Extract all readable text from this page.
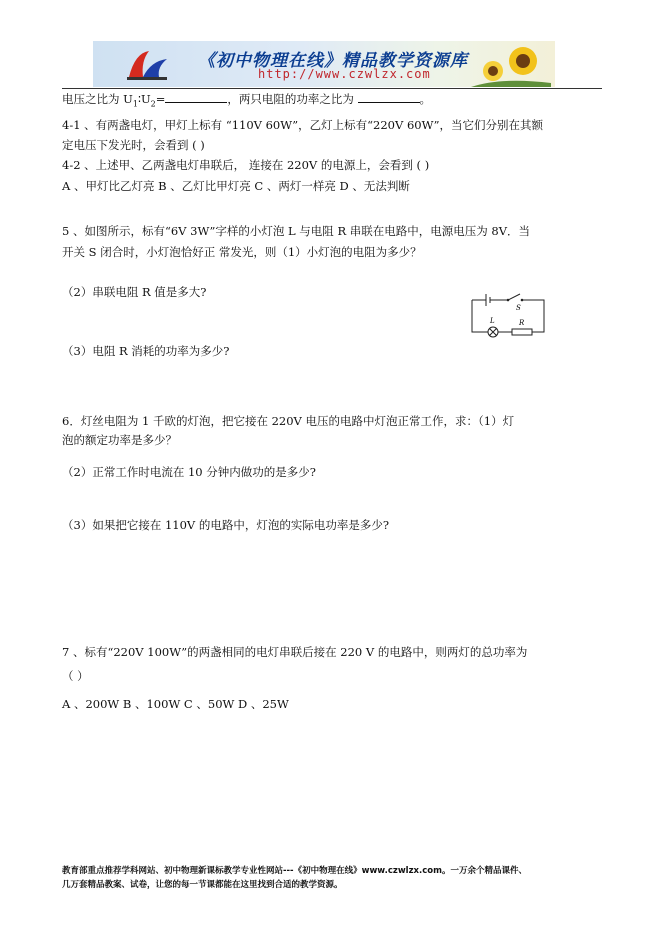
《初中物理在线》精品教学资源库
http://www.czwlzx.com
电压之比为 $U_1∶U_2=$	，两只电阻的功率之比为	。
4-1 、有两盏电灯，甲灯上标有 “110V 60W”，乙灯上标有“220V 60W”，当它们分别在其额
定电压下发光时，会看到 ( )
4-2 、上述甲、乙两盏电灯串联后， 连接在 220V 的电源上，会看到 ( )
A 、甲灯比乙灯亮 B 、乙灯比甲灯亮 C 、两灯一样亮 D 、无法判断
5 、如图所示，标有“6V 3W”字样的小灯泡 L 与电阻 R 串联在电路中，电源电压为 8V．当
开关 S 闭合时，小灯泡恰好正 常发光，则（1）小灯泡的电阻为多少？
（2）串联电阻 R 值是多大?
S
L	R
（3）电阻 R 消耗的功率为多少?
6．灯丝电阻为 1 千欧的灯泡，把它接在 220V 电压的电路中灯泡正常工作，求：（1）灯
泡的额定功率是多少？
（2）正常工作时电流在 10 分钟内做功的是多少?
（3）如果把它接在 110V 的电路中，灯泡的实际电功率是多少?
7 、标有“220V 100W”的两盏相同的电灯串联后接在 220 V 的电路中，则两灯的总功率为
（ ）
A 、200W B 、100W C 、50W D 、25W
教育部重点推荐学科网站、初中物理新课标教学专业性网站---《初中物理在线》www.czwlzx.com。一万余个精品课件、
几万套精品教案、试卷，让您的每一节课都能在这里找到合适的教学资源。
